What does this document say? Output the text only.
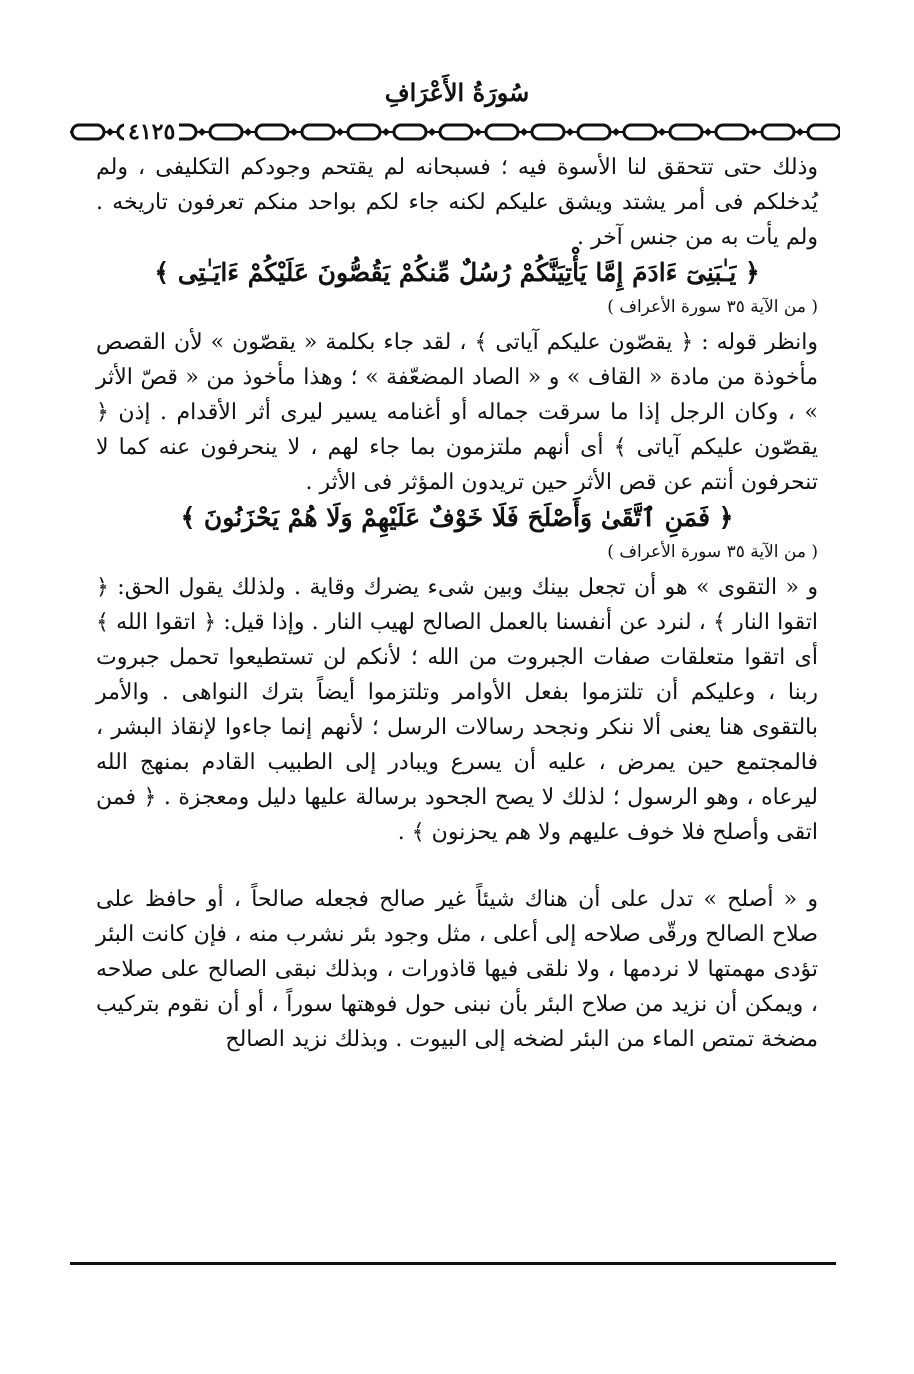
سُورَةُ الأَعْرَافِ
٤١٢٥

وذلك حتى تتحقق لنا الأسوة فيه ؛ فسبحانه لم يقتحم وجودكم التكليفى ، ولم يُدخلكم فى أمر يشتد ويشق عليكم لكنه جاء لكم بواحد منكم تعرفون تاريخه . ولم يأت به من جنس آخر .

﴿ يَـٰبَنِىٓ ءَادَمَ إِمَّا يَأْتِيَنَّكُمْ رُسُلٌ مِّنكُمْ يَقُصُّونَ عَلَيْكُمْ ءَايَـٰتِى ﴾

( من الآية ٣٥ سورة الأعراف )

وانظر قوله : ﴿ يقصّون عليكم آياتى ﴾ ، لقد جاء بكلمة « يقصّون » لأن القصص مأخوذة من مادة « القاف » و « الصاد المضعّفة » ؛ وهذا مأخوذ من « قصّ الأثر » ، وكان الرجل إذا ما سرقت جماله أو أغنامه يسير ليرى أثر الأقدام . إذن ﴿ يقصّون عليكم آياتى ﴾ أى أنهم ملتزمون بما جاء لهم ، لا ينحرفون عنه كما لا تنحرفون أنتم عن قص الأثر حين تريدون المؤثر فى الأثر .

﴿ فَمَنِ ٱتَّقَىٰ وَأَصْلَحَ فَلَا خَوْفٌ عَلَيْهِمْ وَلَا هُمْ يَحْزَنُونَ ﴾

( من الآية ٣٥ سورة الأعراف )

و « التقوى » هو أن تجعل بينك وبين شىء يضرك وقاية . ولذلك يقول الحق: ﴿ اتقوا النار ﴾ ، لنرد عن أنفسنا بالعمل الصالح لهيب النار . وإذا قيل: ﴿ اتقوا الله ﴾ أى اتقوا متعلقات صفات الجبروت من الله ؛ لأنكم لن تستطيعوا تحمل جبروت ربنا ، وعليكم أن تلتزموا بفعل الأوامر وتلتزموا أيضاً بترك النواهى . والأمر بالتقوى هنا يعنى ألا ننكر ونجحد رسالات الرسل ؛ لأنهم إنما جاءوا لإنقاذ البشر ، فالمجتمع حين يمرض ، عليه أن يسرع ويبادر إلى الطبيب القادم بمنهج الله ليرعاه ، وهو الرسول ؛ لذلك لا يصح الجحود برسالة عليها دليل ومعجزة . ﴿ فمن اتقى وأصلح فلا خوف عليهم ولا هم يحزنون ﴾ .

و « أصلح » تدل على أن هناك شيئاً غير صالح فجعله صالحاً ، أو حافظ على صلاح الصالح ورقّى صلاحه إلى أعلى ، مثل وجود بئر نشرب منه ، فإن كانت البئر تؤدى مهمتها لا نردمها ، ولا نلقى فيها قاذورات ، وبذلك نبقى الصالح على صلاحه ، ويمكن أن نزيد من صلاح البئر بأن نبنى حول فوهتها سوراً ، أو أن نقوم بتركيب مضخة تمتص الماء من البئر لضخه إلى البيوت . وبذلك نزيد الصالح
